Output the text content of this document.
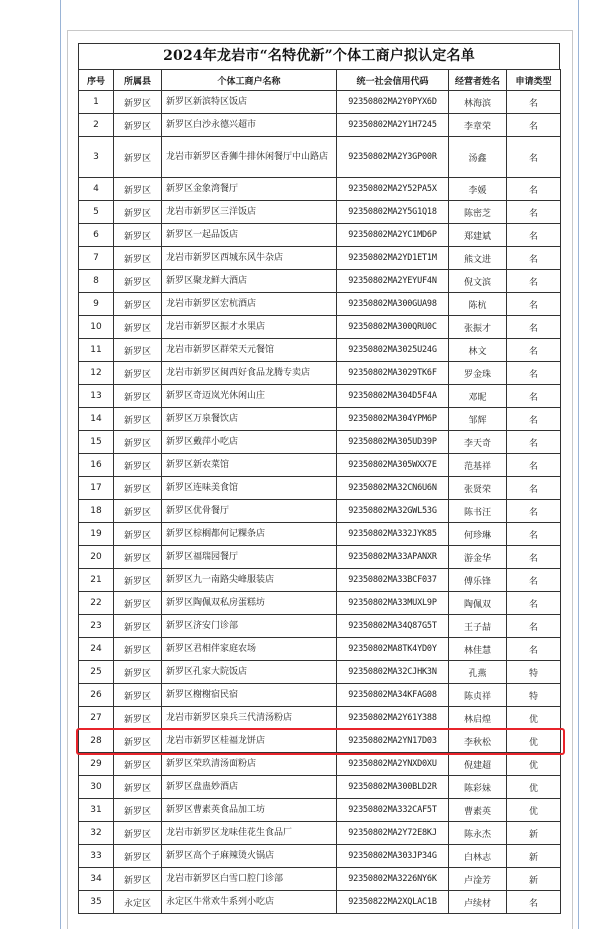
2024年龙岩市“名特优新”个体工商户拟认定名单
序号	所属县	个体工商户名称	统一社会信用代码	经营者姓名	申请类型
1	新罗区	新罗区新滨特区饭店	92350802MA2Y0PYX6D	林海滨	名
2	新罗区	新罗区白沙永德兴超市	92350802MA2Y1H7245	李章荣	名
3	新罗区	龙岩市新罗区香狮牛排休闲餐厅中山路店	92350802MA2Y3GP00R	汤鑫	名
4	新罗区	新罗区金象湾餐厅	92350802MA2Y52PA5X	李媛	名
5	新罗区	龙岩市新罗区三洋饭店	92350802MA2Y5G1Q18	陈密芝	名
6	新罗区	新罗区一起品饭店	92350802MA2YC1MD6P	郑建斌	名
7	新罗区	龙岩市新罗区西城东风牛杂店	92350802MA2YD1ET1M	熊文进	名
8	新罗区	新罗区聚龙鲜大酒店	92350802MA2YEYUF4N	倪文滨	名
9	新罗区	龙岩市新罗区宏杭酒店	92350802MA300GUA98	陈杭	名
10	新罗区	龙岩市新罗区振才水果店	92350802MA300QRU0C	张振才	名
11	新罗区	龙岩市新罗区群荣天元餐馆	92350802MA3025U24G	林文	名
12	新罗区	龙岩市新罗区闽西好食品龙腾专卖店	92350802MA3029TK6F	罗金珠	名
13	新罗区	新罗区奇迈岚光休闲山庄	92350802MA304D5F4A	邓昵	名
14	新罗区	新罗区万泉餐饮店	92350802MA304YPM6P	邹辉	名
15	新罗区	新罗区戴萍小吃店	92350802MA305UD39P	李天奇	名
16	新罗区	新罗区新农菜馆	92350802MA305WXX7E	范基祥	名
17	新罗区	新罗区连味美食馆	92350802MA32CN6U6N	张贤荣	名
18	新罗区	新罗区优骨餐厅	92350802MA32GWL53G	陈书汪	名
19	新罗区	新罗区棕榈都何记粿条店	92350802MA332JYK85	何珍琳	名
20	新罗区	新罗区福瑞园餐厅	92350802MA33APANXR	游金华	名
21	新罗区	新罗区九一南路尖峰服装店	92350802MA33BCF037	傅乐锋	名
22	新罗区	新罗区陶佩双私房蛋糕坊	92350802MA33MUXL9P	陶佩双	名
23	新罗区	新罗区济安门诊部	92350802MA34Q87G5T	王子喆	名
24	新罗区	新罗区君相伴家庭农场	92350802MA8TK4YD0Y	林佳慧	名
25	新罗区	新罗区孔家大院饭店	92350802MA32CJHK3N	孔燕	特
26	新罗区	新罗区榭榭宿民宿	92350802MA34KFAG08	陈贞祥	特
27	新罗区	龙岩市新罗区泉兵三代清汤粉店	92350802MA2Y61Y388	林启煌	优
28	新罗区	龙岩市新罗区桂福龙饼店	92350802MA2YN17D03	李秋松	优
29	新罗区	新罗区荣玖清汤面粉店	92350802MA2YNXD0XU	倪建超	优
30	新罗区	新罗区盘蛊妙酒店	92350802MA300BLD2R	陈彩妹	优
31	新罗区	新罗区曹素英食品加工坊	92350802MA332CAF5T	曹素英	优
32	新罗区	龙岩市新罗区龙味佳花生食品厂	92350802MA2Y72E8KJ	陈永杰	新
33	新罗区	新罗区高个子麻辣烫火锅店	92350802MA303JP34G	白林志	新
34	新罗区	龙岩市新罗区白雪口腔门诊部	92350802MA3226NY6K	卢淦芳	新
35	永定区	永定区牛常欢牛系列小吃店	92350822MA2XQLAC1B	卢续材	名
